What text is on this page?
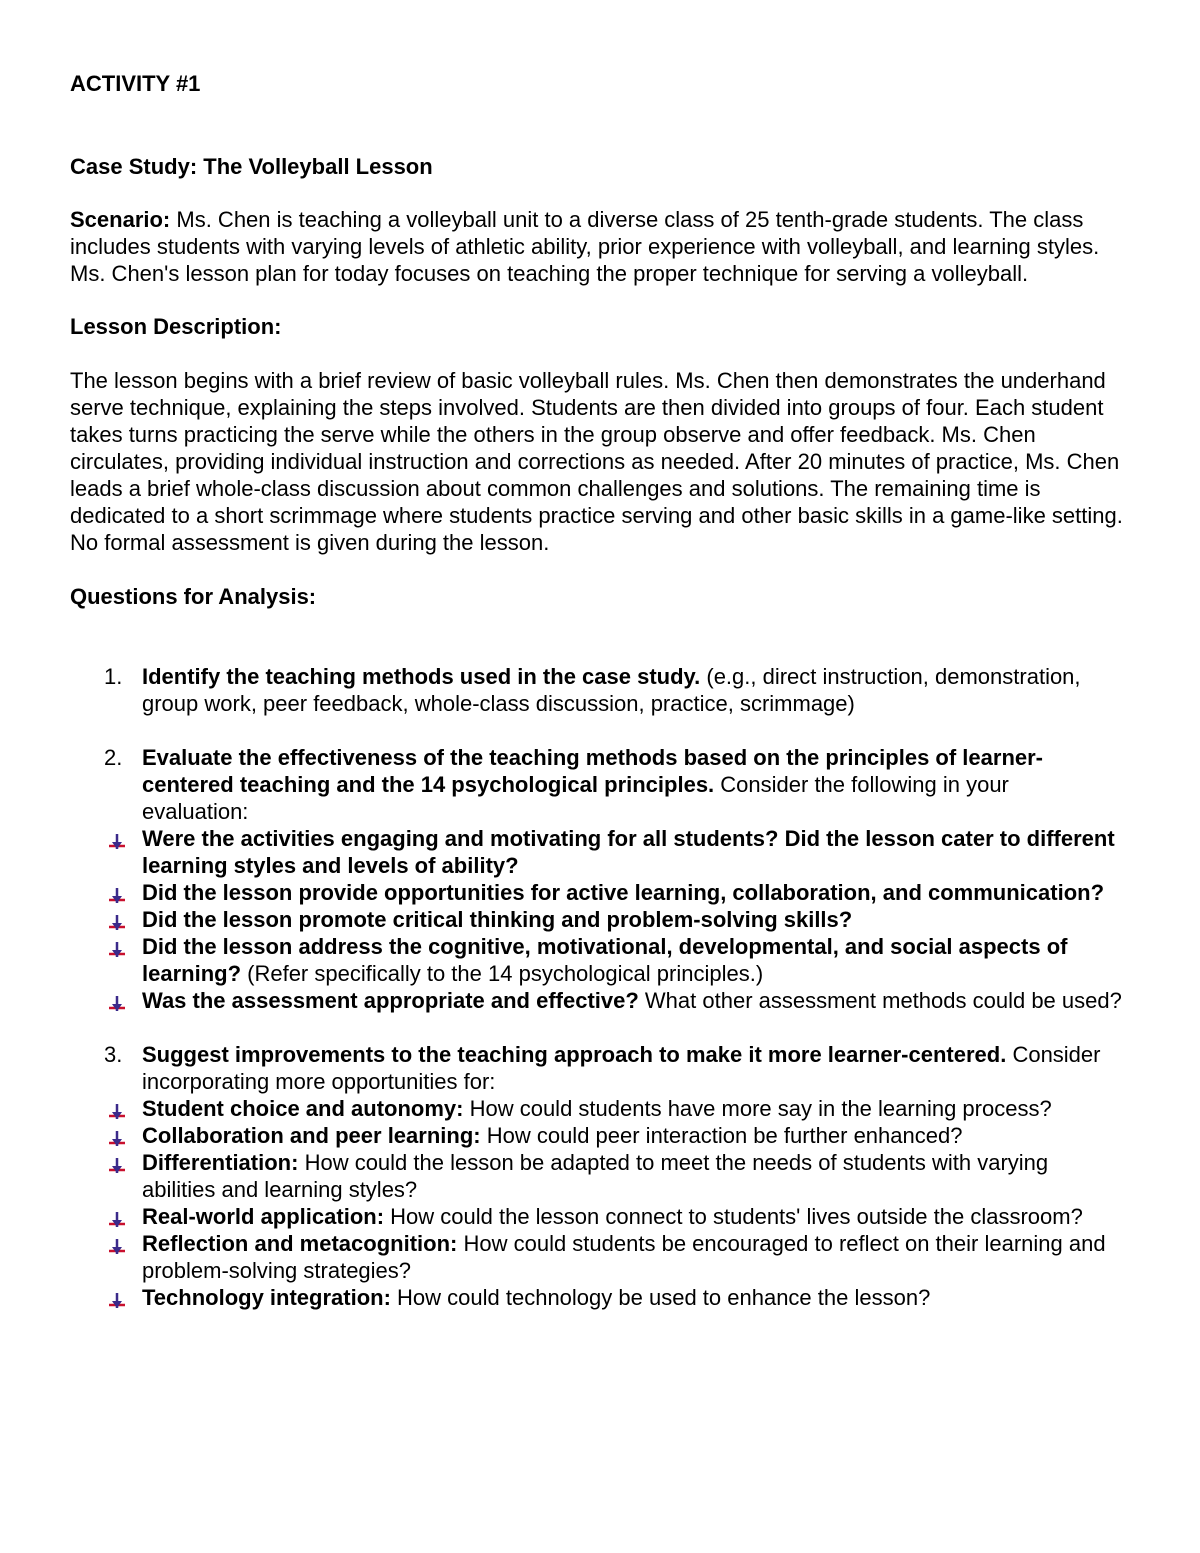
ACTIVITY #1
Case Study: The Volleyball Lesson
Scenario: Ms. Chen is teaching a volleyball unit to a diverse class of 25 tenth-grade students. The class includes students with varying levels of athletic ability, prior experience with volleyball, and learning styles. Ms. Chen's lesson plan for today focuses on teaching the proper technique for serving a volleyball.
Lesson Description:
The lesson begins with a brief review of basic volleyball rules. Ms. Chen then demonstrates the underhand serve technique, explaining the steps involved. Students are then divided into groups of four. Each student takes turns practicing the serve while the others in the group observe and offer feedback. Ms. Chen circulates, providing individual instruction and corrections as needed. After 20 minutes of practice, Ms. Chen leads a brief whole-class discussion about common challenges and solutions. The remaining time is dedicated to a short scrimmage where students practice serving and other basic skills in a game-like setting. No formal assessment is given during the lesson.
Questions for Analysis:
1. Identify the teaching methods used in the case study. (e.g., direct instruction, demonstration, group work, peer feedback, whole-class discussion, practice, scrimmage)
2. Evaluate the effectiveness of the teaching methods based on the principles of learner-centered teaching and the 14 psychological principles. Consider the following in your evaluation:
Were the activities engaging and motivating for all students? Did the lesson cater to different learning styles and levels of ability?
Did the lesson provide opportunities for active learning, collaboration, and communication?
Did the lesson promote critical thinking and problem-solving skills?
Did the lesson address the cognitive, motivational, developmental, and social aspects of learning? (Refer specifically to the 14 psychological principles.)
Was the assessment appropriate and effective? What other assessment methods could be used?
3. Suggest improvements to the teaching approach to make it more learner-centered. Consider incorporating more opportunities for:
Student choice and autonomy: How could students have more say in the learning process?
Collaboration and peer learning: How could peer interaction be further enhanced?
Differentiation: How could the lesson be adapted to meet the needs of students with varying abilities and learning styles?
Real-world application: How could the lesson connect to students' lives outside the classroom?
Reflection and metacognition: How could students be encouraged to reflect on their learning and problem-solving strategies?
Technology integration: How could technology be used to enhance the lesson?
